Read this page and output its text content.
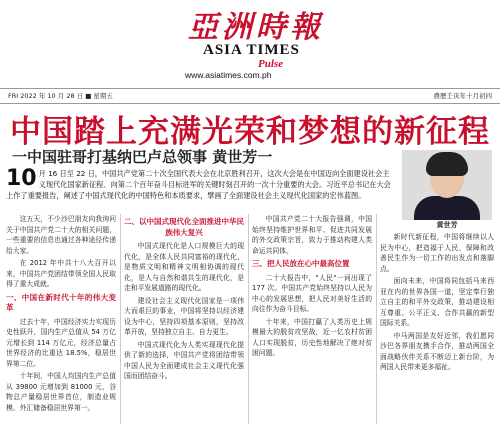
亞洲時報
ASIA TIMES
Pulse
www.asiatimes.com.ph
FRI 2022 年 10 月 28 日 ■ 星期五	農歷壬寅年十月初四
中国踏上充满光荣和梦想的新征程
一中国驻哥打基纳巴卢总领事 黄世芳一
10 月 16 日至 22 日，中国共产党第二十次全国代表大会在北京胜利召开，这次大会是在中国迈向全面建设社会主义现代化国家新征程、向第二个百年奋斗目标进军的关键时刻召开的一次十分重要的大会。习近平总书记在大会上作了重要报告，阐述了中国式现代化的中国特色和本质要求，擘画了全面建设社会主义现代化国家的宏伟蓝图。
黄世芳

这五天，不少沙巴朋友向我询问关于中国共产党二十大的相关问题，一些重要的信息也通过各种途径传递给大家。

在 2012 年中共十八大召开以来，中国共产党团结带领全国人民取得了重大成就。

一、中国在新时代十年的伟大变革

过去十年，中国经济实力实现历史性跃升，国内生产总值从 54 万亿元增长到 114 万亿元，经济总量占世界经济的比重达 18.5%，稳居世界第二位。

十年间，中国人均国内生产总值从 39800 元增加到 81000 元，谷物总产量稳居世界首位，制造业规模、外汇储备稳居世界第一。

二、以中国式现代化全面推进中华民族伟大复兴

中国式现代化是人口规模巨大的现代化，是全体人民共同富裕的现代化，是物质文明和精神文明相协调的现代化，是人与自然和谐共生的现代化，是走和平发展道路的现代化。

建设社会主义现代化国家是一项伟大而艰巨的事业，中国将坚持以经济建设为中心，坚持四项基本原则，坚持改革开放，坚持独立自主、自力更生。

中国式现代化为人类实现现代化提供了新的选择，中国共产党将团结带领中国人民为全面建成社会主义现代化强国而团结奋斗。

中国共产党二十大报告强调，中国始终坚持维护世界和平、促进共同发展的外交政策宗旨，致力于推动构建人类命运共同体。

三、把人民放在心中最高位置

二十大报告中，"人民"一词出现了 177 次。中国共产党始终坚持以人民为中心的发展思想，把人民对美好生活的向往作为奋斗目标。

十年来，中国打赢了人类历史上规模最大的脱贫攻坚战，近一亿农村贫困人口实现脱贫，历史性地解决了绝对贫困问题。

新时代新征程，中国将继续以人民为中心，把造福于人民、保障和改善民生作为一切工作的出发点和落脚点。

面向未来，中国将同包括马来西亚在内的世界各国一道，坚定奉行独立自主的和平外交政策，推动建设相互尊重、公平正义、合作共赢的新型国际关系。

中马两国是友好近邻，我们愿同沙巴各界朋友携手合作，推动两国全面战略伙伴关系不断迈上新台阶，为两国人民带来更多福祉。
